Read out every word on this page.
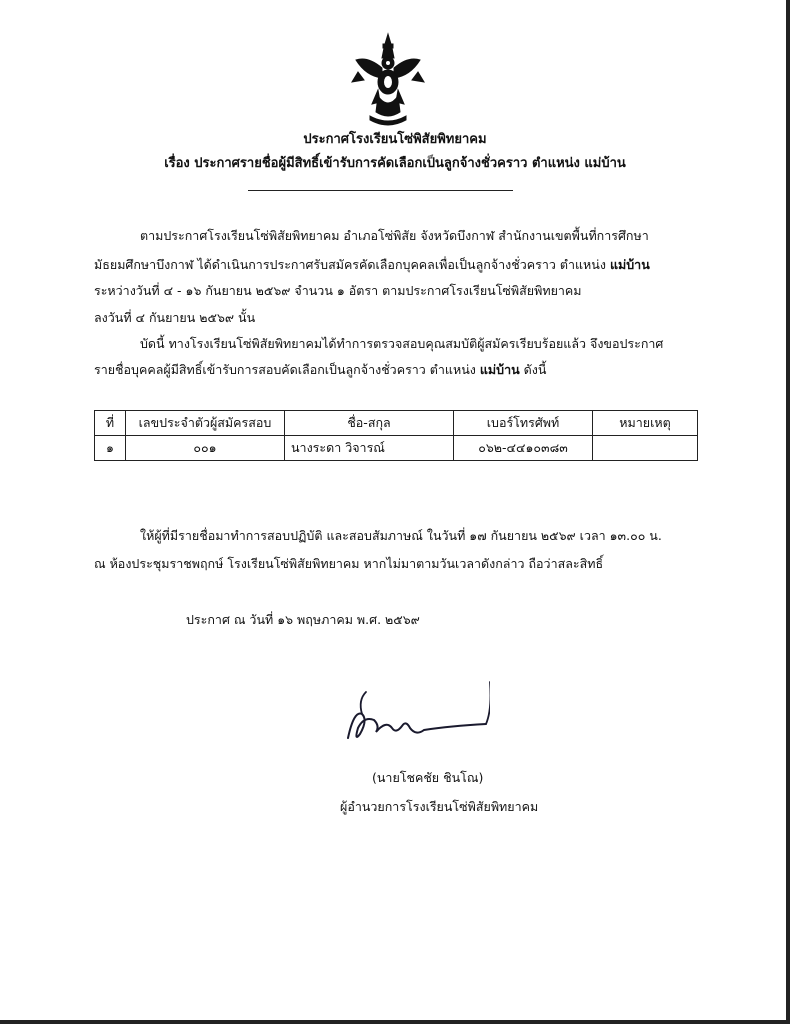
ประกาศโรงเรียนโซ่พิสัยพิทยาคม
เรื่อง ประกาศรายชื่อผู้มีสิทธิ์เข้ารับการคัดเลือกเป็นลูกจ้างชั่วคราว ตำแหน่ง แม่บ้าน
ตามประกาศโรงเรียนโซ่พิสัยพิทยาคม อำเภอโซ่พิสัย จังหวัดบึงกาฬ สำนักงานเขตพื้นที่การศึกษา
มัธยมศึกษาบึงกาฬ ได้ดำเนินการประกาศรับสมัครคัดเลือกบุคคลเพื่อเป็นลูกจ้างชั่วคราว ตำแหน่ง แม่บ้าน
ระหว่างวันที่ ๔ - ๑๖ กันยายน ๒๕๖๙ จำนวน ๑ อัตรา ตามประกาศโรงเรียนโซ่พิสัยพิทยาคม
ลงวันที่ ๔ กันยายน ๒๕๖๙ นั้น
บัดนี้ ทางโรงเรียนโซ่พิสัยพิทยาคมได้ทำการตรวจสอบคุณสมบัติผู้สมัครเรียบร้อยแล้ว จึงขอประกาศ
รายชื่อบุคคลผู้มีสิทธิ์เข้ารับการสอบคัดเลือกเป็นลูกจ้างชั่วคราว ตำแหน่ง แม่บ้าน ดังนี้
ที่	เลขประจำตัวผู้สมัครสอบ	ชื่อ-สกุล	เบอร์โทรศัพท์	หมายเหตุ
๑	๐๐๑	นางระดา วิจารณ์	๐๖๒-๔๔๑๐๓๘๓	
ให้ผู้ที่มีรายชื่อมาทำการสอบปฏิบัติ และสอบสัมภาษณ์ ในวันที่ ๑๗ กันยายน ๒๕๖๙ เวลา ๑๓.๐๐ น.
ณ ห้องประชุมราชพฤกษ์ โรงเรียนโซ่พิสัยพิทยาคม หากไม่มาตามวันเวลาดังกล่าว ถือว่าสละสิทธิ์
ประกาศ ณ วันที่ ๑๖ พฤษภาคม พ.ศ. ๒๕๖๙
(นายโชคชัย ชินโณ)
ผู้อำนวยการโรงเรียนโซ่พิสัยพิทยาคม
